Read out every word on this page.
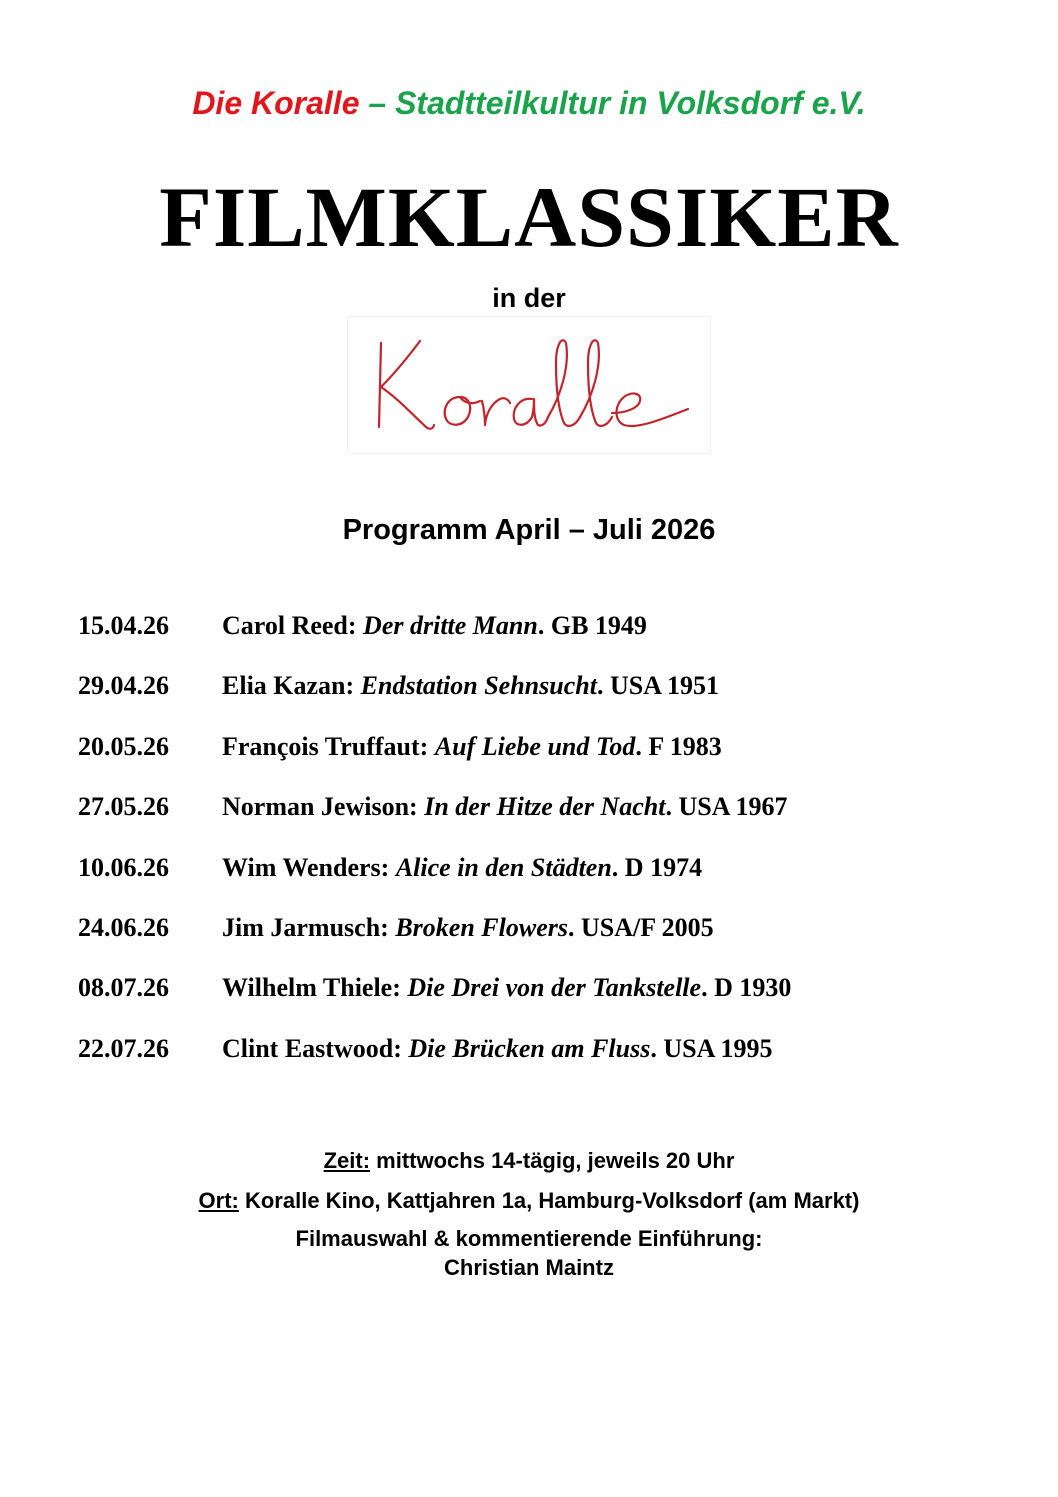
Die Koralle – Stadtteilkultur in Volksdorf e.V.
FILMKLASSIKER
in der
Programm April – Juli 2026
15.04.26 Carol Reed: Der dritte Mann. GB 1949
29.04.26 Elia Kazan: Endstation Sehnsucht. USA 1951
20.05.26 François Truffaut: Auf Liebe und Tod. F 1983
27.05.26 Norman Jewison: In der Hitze der Nacht. USA 1967
10.06.26 Wim Wenders: Alice in den Städten. D 1974
24.06.26 Jim Jarmusch: Broken Flowers. USA/F 2005
08.07.26 Wilhelm Thiele: Die Drei von der Tankstelle. D 1930
22.07.26 Clint Eastwood: Die Brücken am Fluss. USA 1995
Zeit: mittwochs 14-tägig, jeweils 20 Uhr
Ort: Koralle Kino, Kattjahren 1a, Hamburg-Volksdorf (am Markt)
Filmauswahl & kommentierende Einführung:
Christian Maintz
